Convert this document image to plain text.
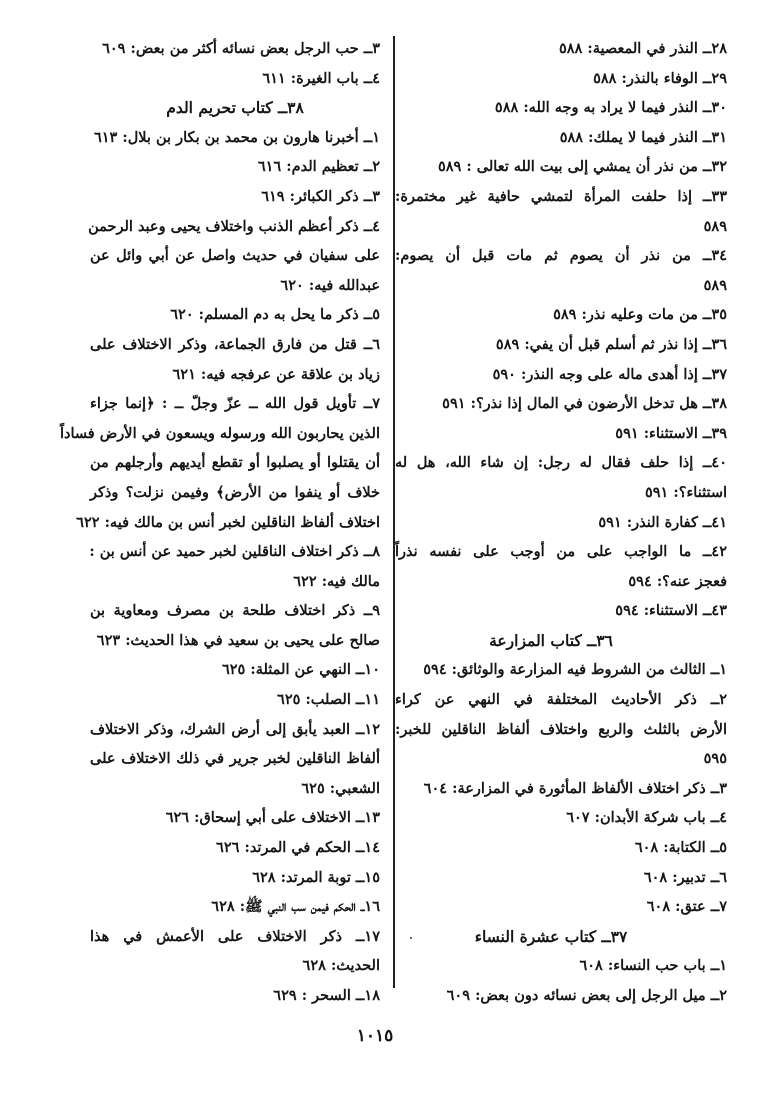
٢٨ــ النذر في المعصية: ٥٨٨
٢٩ــ الوفاء بالنذر: ٥٨٨
٣٠ــ النذر فيما لا يراد به وجه الله: ٥٨٨
٣١ــ النذر فيما لا يملك: ٥٨٨
٣٢ــ من نذر أن يمشي إلى بيت الله تعالى : ٥٨٩
٣٣ــ إذا حلفت المرأة لتمشي حافية غير مختمرة:
٥٨٩
٣٤ــ من نذر أن يصوم ثم مات قبل أن يصوم:
٥٨٩
٣٥ــ من مات وعليه نذر: ٥٨٩
٣٦ــ إذا نذر ثم أسلم قبل أن يفي: ٥٨٩
٣٧ــ إذا أهدى ماله على وجه النذر: ٥٩٠
٣٨ــ هل تدخل الأرضون في المال إذا نذر؟: ٥٩١
٣٩ــ الاستثناء: ٥٩١
٤٠ــ إذا حلف فقال له رجل: إن شاء الله، هل له
استثناء؟: ٥٩١
٤١ــ كفارة النذر: ٥٩١
٤٢ــ ما الواجب على من أوجب على نفسه نذراً
فعجز عنه؟: ٥٩٤
٤٣ــ الاستثناء: ٥٩٤
٣٦ــ كتاب المزارعة
١ــ الثالث من الشروط فيه المزارعة والوثائق: ٥٩٤
٢ــ ذكر الأحاديث المختلفة في النهي عن كراء
الأرض بالثلث والربع واختلاف ألفاظ الناقلين للخبر:
٥٩٥
٣ــ ذكر اختلاف الألفاظ المأثورة في المزارعة: ٦٠٤
٤ــ باب شركة الأبدان: ٦٠٧
٥ــ الكتابة: ٦٠٨
٦ــ تدبير: ٦٠٨
٧ــ عتق: ٦٠٨
٣٧ــ كتاب عشرة النساء
١ــ باب حب النساء: ٦٠٨
٢ــ ميل الرجل إلى بعض نسائه دون بعض: ٦٠٩
٣ــ حب الرجل بعض نسائه أكثر من بعض: ٦٠٩
٤ــ باب الغيرة: ٦١١
٣٨ــ كتاب تحريم الدم
١ــ أخبرنا هارون بن محمد بن بكار بن بلال: ٦١٣
٢ــ تعظيم الدم: ٦١٦
٣ــ ذكر الكبائر: ٦١٩
٤ــ ذكر أعظم الذنب واختلاف يحيى وعبد الرحمن
على سفيان في حديث واصل عن أبي وائل عن
عبدالله فيه: ٦٢٠
٥ــ ذكر ما يحل به دم المسلم: ٦٢٠
٦ــ قتل من فارق الجماعة، وذكر الاختلاف على
زياد بن علاقة عن عرفجه فيه: ٦٢١
٧ــ تأويل قول الله ــ عزّ وجلّ ــ : ﴿إنما جزاء
الذين يحاربون الله ورسوله ويسعون في الأرض فساداً
أن يقتلوا أو يصلبوا أو تقطع أيديهم وأرجلهم من
خلاف أو ينفوا من الأرض﴾ وفيمن نزلت؟ وذكر
اختلاف ألفاظ الناقلين لخبر أنس بن مالك فيه: ٦٢٢
٨ــ ذكر اختلاف الناقلين لخبر حميد عن أنس بن :
مالك فيه: ٦٢٢
٩ــ ذكر اختلاف طلحة بن مصرف ومعاوية بن
صالح على يحيى بن سعيد في هذا الحديث: ٦٢٣
١٠ــ النهي عن المثلة: ٦٢٥
١١ــ الصلب: ٦٢٥
١٢ــ العبد يأبق إلى أرض الشرك، وذكر الاختلاف
ألفاظ الناقلين لخبر جرير في ذلك الاختلاف على
الشعبي: ٦٢٥
١٣ــ الاختلاف على أبي إسحاق: ٦٢٦
١٤ــ الحكم في المرتد: ٦٢٦
١٥ــ توبة المرتد: ٦٢٨
١٦ــ الحكم فيمن سب النبي ﷺ: ٦٢٨
١٧ــ ذكر الاختلاف على الأعمش في هذا
الحديث: ٦٢٨
١٨ــ السحر : ٦٢٩
١٠١٥
